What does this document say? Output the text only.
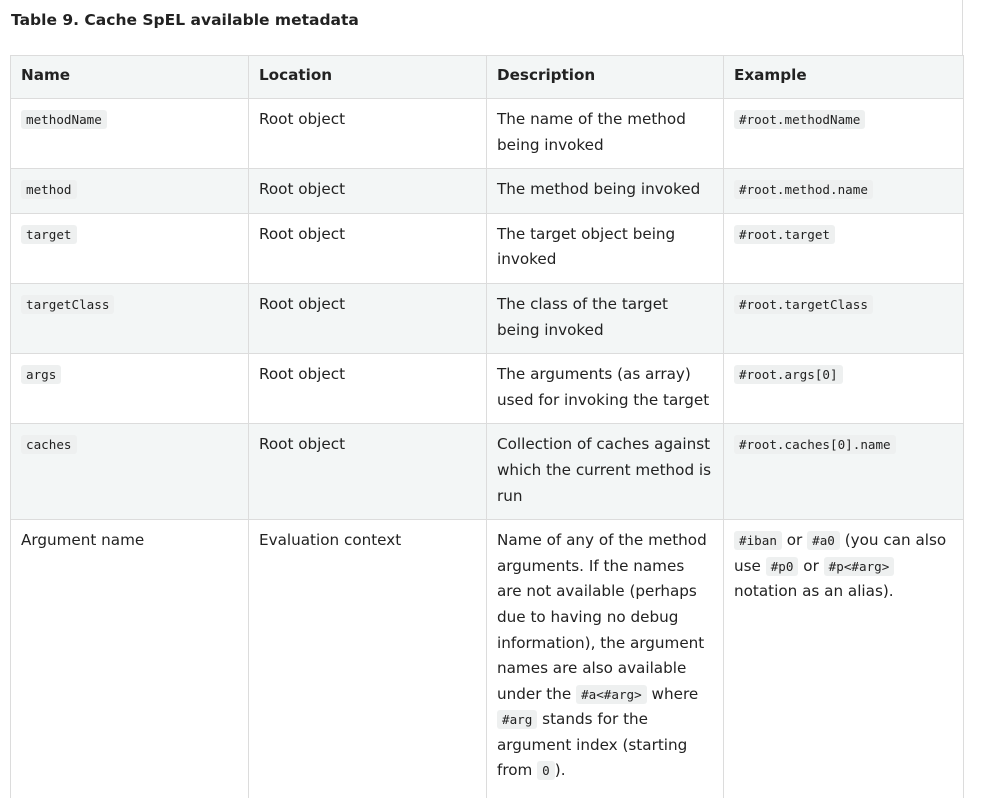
Table 9. Cache SpEL available metadata
Name	Location	Description	Example
methodName	Root object	The name of the method being invoked	#root.methodName
method	Root object	The method being invoked	#root.method.name
target	Root object	The target object being invoked	#root.target
targetClass	Root object	The class of the target being invoked	#root.targetClass
args	Root object	The arguments (as array) used for invoking the target	#root.args[0]
caches	Root object	Collection of caches against which the current method is run	#root.caches[0].name
Argument name	Evaluation context	Name of any of the method arguments. If the names are not available (perhaps due to having no debug information), the argument names are also available under the #a<#arg> where #arg stands for the argument index (starting from 0 ).	#iban or #a0 (you can also use #p0 or #p<#arg> notation as an alias).
